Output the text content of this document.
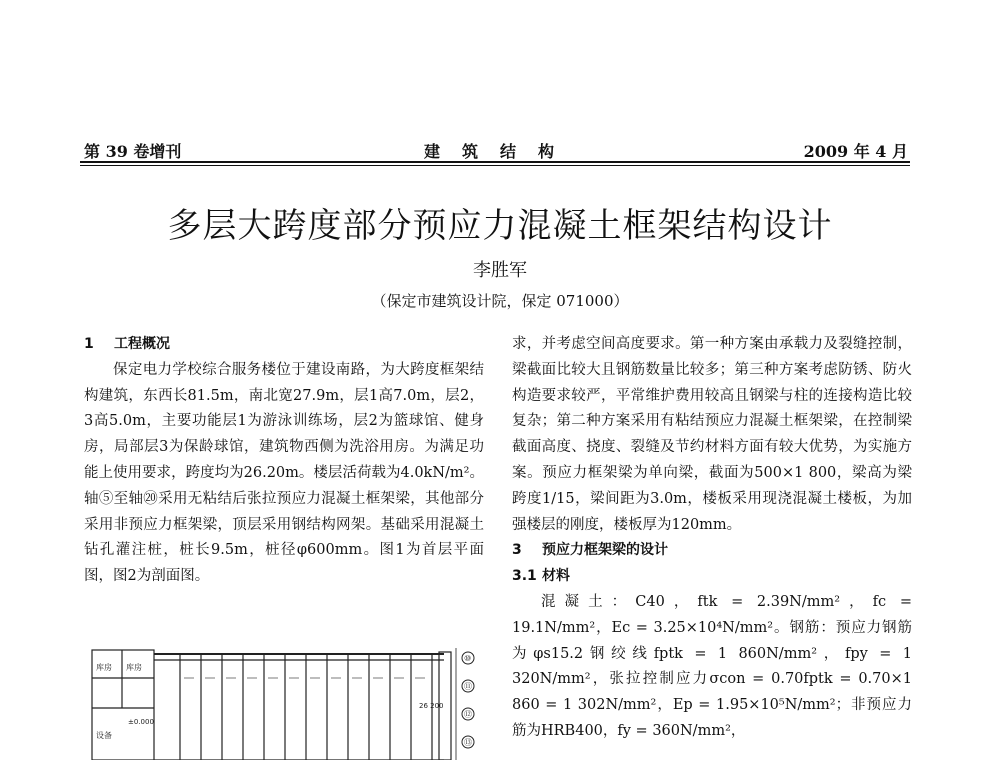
第 39 卷增刊	建筑结构	2009 年 4 月
多层大跨度部分预应力混凝土框架结构设计
李胜军
（保定市建筑设计院，保定 071000）

1 工程概况

保定电力学校综合服务楼位于建设南路，为大跨度框架结构建筑，东西长81.5m，南北宽27.9m，层1高7.0m，层2，3高5.0m，主要功能层1为游泳训练场，层2为篮球馆、健身房，局部层3为保龄球馆，建筑物西侧为洗浴用房。为满足功能上使用要求，跨度均为26.20m。楼层活荷载为4.0kN/m²。轴⑤至轴⑳采用无粘结后张拉预应力混凝土框架梁，其他部分采用非预应力框架梁，顶层采用钢结构网架。基础采用混凝土钻孔灌注桩，桩长9.5m，桩径φ600mm。图1为首层平面图，图2为剖面图。

求，并考虑空间高度要求。第一种方案由承载力及裂缝控制，梁截面比较大且钢筋数量比较多；第三种方案考虑防锈、防火构造要求较严，平常维护费用较高且钢梁与柱的连接构造比较复杂；第二种方案采用有粘结预应力混凝土框架梁，在控制梁截面高度、挠度、裂缝及节约材料方面有较大优势，为实施方案。预应力框架梁为单向梁，截面为500×1 800，梁高为梁跨度1/15，梁间距为3.0m，楼板采用现浇混凝土楼板，为加强楼层的刚度，楼板厚为120mm。

3 预应力框架梁的设计

3.1 材料

混凝土：C40，ftk = 2.39N/mm²，fc = 19.1N/mm²，Ec = 3.25×10⁴N/mm²。钢筋：预应力钢筋为φs15.2钢绞线fptk = 1 860N/mm²，fpy = 1 320N/mm²，张拉控制应力σcon = 0.70fptk = 0.70×1 860 = 1 302N/mm²，Ep = 1.95×10⁵N/mm²；非预应力筋为HRB400，fy = 360N/mm²，

库房 库房
±0.000
设备
⑩
⑪
⑫
⑬
26 200
